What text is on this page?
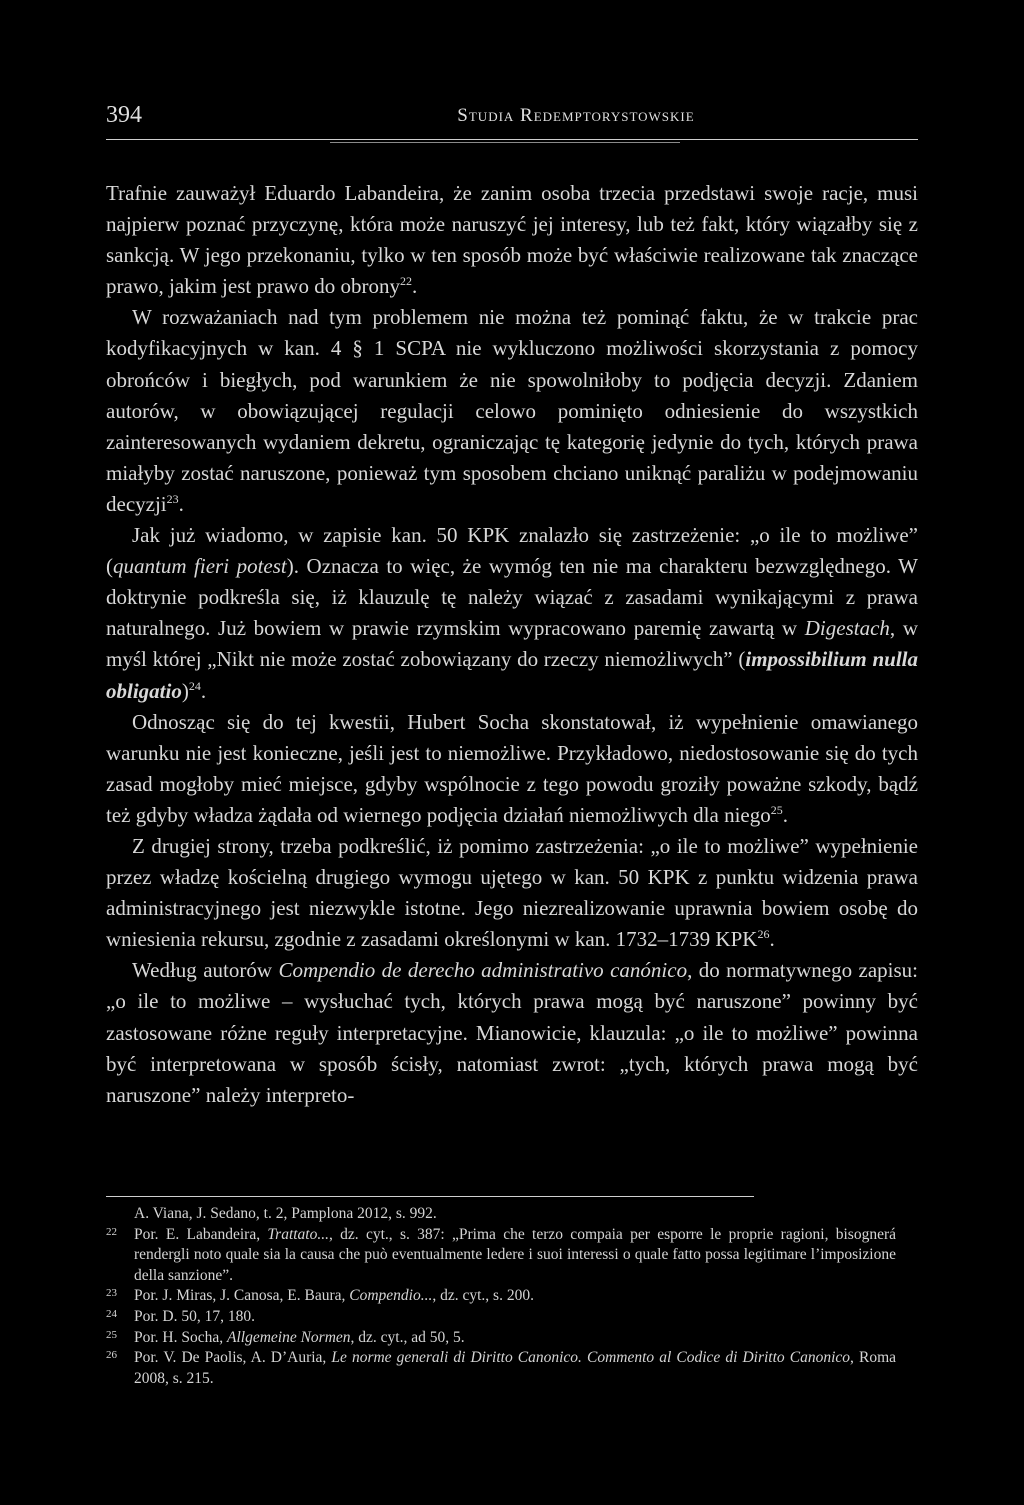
394	Studia Redemptorystowskie

Trafnie zauważył Eduardo Labandeira, że zanim osoba trzecia przedstawi swoje racje, musi najpierw poznać przyczynę, która może naruszyć jej interesy, lub też fakt, który wiązałby się z sankcją. W jego przekonaniu, tylko w ten sposób może być właściwie realizowane tak znaczące prawo, jakim jest prawo do obrony$^{22}$.

W rozważaniach nad tym problemem nie można też pominąć faktu, że w trakcie prac kodyfikacyjnych w kan. 4 § 1 SCPA nie wykluczono możliwości skorzystania z pomocy obrońców i biegłych, pod warunkiem że nie spowolniłoby to podjęcia decyzji. Zdaniem autorów, w obowiązującej regulacji celowo pominięto odniesienie do wszystkich zainteresowanych wydaniem dekretu, ograniczając tę kategorię jedynie do tych, których prawa miałyby zostać naruszone, ponieważ tym sposobem chciano uniknąć paraliżu w podejmowaniu decyzji$^{23}$.

Jak już wiadomo, w zapisie kan. 50 KPK znalazło się zastrzeżenie: „o ile to możliwe” (quantum fieri potest). Oznacza to więc, że wymóg ten nie ma charakteru bezwzględnego. W doktrynie podkreśla się, iż klauzulę tę należy wiązać z zasadami wynikającymi z prawa naturalnego. Już bowiem w prawie rzymskim wypracowano paremię zawartą w Digestach, w myśl której „Nikt nie może zostać zobowiązany do rzeczy niemożliwych” (impossibilium nulla obligatio)$^{24}$.

Odnosząc się do tej kwestii, Hubert Socha skonstatował, iż wypełnienie omawianego warunku nie jest konieczne, jeśli jest to niemożliwe. Przykładowo, niedostosowanie się do tych zasad mogłoby mieć miejsce, gdyby wspólnocie z tego powodu groziły poważne szkody, bądź też gdyby władza żądała od wiernego podjęcia działań niemożliwych dla niego$^{25}$.

Z drugiej strony, trzeba podkreślić, iż pomimo zastrzeżenia: „o ile to możliwe” wypełnienie przez władzę kościelną drugiego wymogu ujętego w kan. 50 KPK z punktu widzenia prawa administracyjnego jest niezwykle istotne. Jego niezrealizowanie uprawnia bowiem osobę do wniesienia rekursu, zgodnie z zasadami określonymi w kan. 1732–1739 KPK$^{26}$.

Według autorów Compendio de derecho administrativo canónico, do normatywnego zapisu: „o ile to możliwe – wysłuchać tych, których prawa mogą być naruszone” powinny być zastosowane różne reguły interpretacyjne. Mianowicie, klauzula: „o ile to możliwe” powinna być interpretowana w sposób ścisły, natomiast zwrot: „tych, których prawa mogą być naruszone” należy interpreto-

A. Viana, J. Sedano, t. 2, Pamplona 2012, s. 992.

22 Por. E. Labandeira, Trattato..., dz. cyt., s. 387: „Prima che terzo compaia per esporre le proprie ragioni, bisognerá rendergli noto quale sia la causa che può eventualmente ledere i suoi interessi o quale fatto possa legitimare l’imposizione della sanzione”.

23 Por. J. Miras, J. Canosa, E. Baura, Compendio..., dz. cyt., s. 200.

24 Por. D. 50, 17, 180.

25 Por. H. Socha, Allgemeine Normen, dz. cyt., ad 50, 5.

26 Por. V. De Paolis, A. D’Auria, Le norme generali di Diritto Canonico. Commento al Codice di Diritto Canonico, Roma 2008, s. 215.
